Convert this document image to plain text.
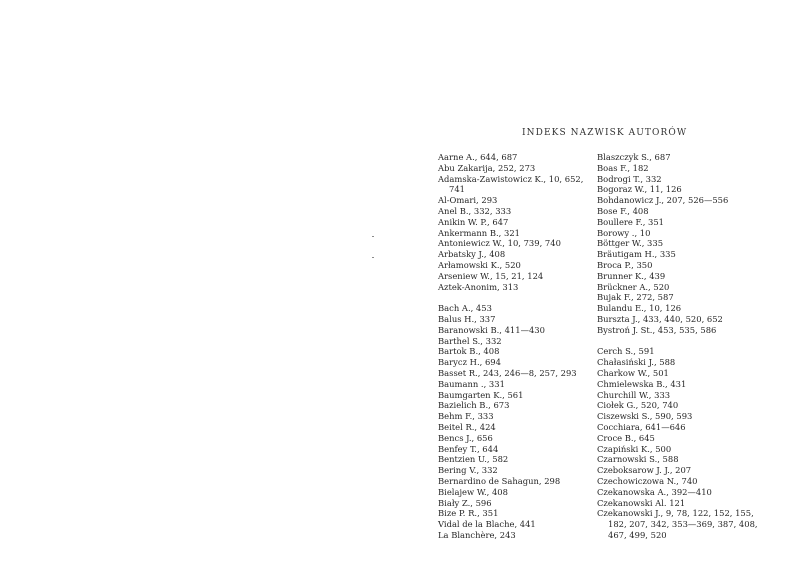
INDEKS NAZWISK AUTORÓW
Aarne A., 644, 687
Abu Zakarija, 252, 273
Adamska-Zawistowicz K., 10, 652,
741
Al-Omari, 293
Anel B., 332, 333
Anikin W. P., 647
Ankermann B., 321
Antoniewicz W., 10, 739, 740
Arbatsky J., 408
Arłamowski K., 520
Arseniew W., 15, 21, 124
Aztek-Anonim, 313
Bach A., 453
Balus H., 337
Baranowski B., 411—430
Barthel S., 332
Bartok B., 408
Barycz H., 694
Basset R., 243, 246—8, 257, 293
Baumann ., 331
Baumgarten K., 561
Bazielich B., 673
Behm F., 333
Beitel R., 424
Bencs J., 656
Benfey T., 644
Bentzien U., 582
Bering V., 332
Bernardino de Sahagun, 298
Bielajew W., 408
Biały Z., 596
Bize P. R., 351
Vidal de la Blache, 441
La Blanchère, 243
Blaszczyk S., 687
Boas F., 182
Bodrogi T., 332
Bogoraz W., 11, 126
Bohdanowicz J., 207, 526—556
Bose F., 408
Boullere F., 351
Borowy ., 10
Böttger W., 335
Bräutigam H., 335
Broca P., 350
Brunner K., 439
Brückner A., 520
Bujak F., 272, 587
Bulandu E., 10, 126
Burszta J., 433, 440, 520, 652
Bystroń J. St., 453, 535, 586
Cerch S., 591
Chałasiński J., 588
Charkow W., 501
Chmielewska B., 431
Churchill W., 333
Ciołek G., 520, 740
Ciszewski S., 590, 593
Cocchiara, 641—646
Croce B., 645
Czapiński K., 500
Czarnowski S., 588
Czeboksarow J. J., 207
Czechowiczowa N., 740
Czekanowska A., 392—410
Czekanowski Al. 121
Czekanowski J., 9, 78, 122, 152, 155,
182, 207, 342, 353—369, 387, 408,
467, 499, 520
